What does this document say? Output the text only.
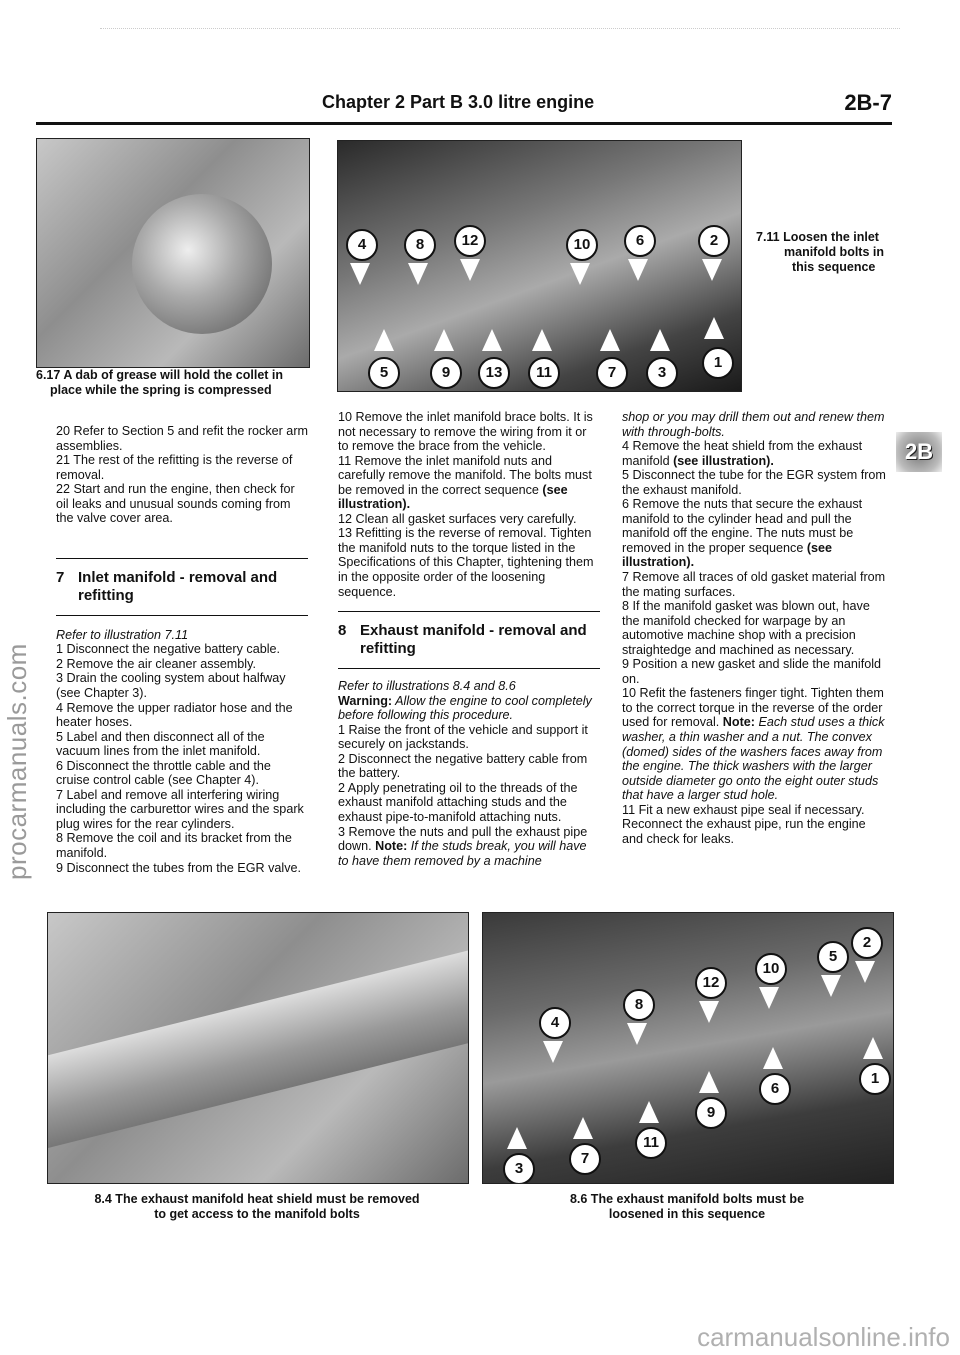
Chapter 2 Part B 3.0 litre engine	2B-7
6.17 A dab of grease will hold the collet in
place while the spring is compressed
4	8	12	10	6	2
5	9	13	11	7	3
1
7.11 Loosen the inlet
manifold bolts in
this sequence
2B
procarmanuals.com

20 Refer to Section 5 and refit the rocker arm assemblies.

21 The rest of the refitting is the reverse of removal.

22 Start and run the engine, then check for oil leaks and unusual sounds coming from the valve cover area.

7 Inlet manifold - removal and refitting

Refer to illustration 7.11

1 Disconnect the negative battery cable.

2 Remove the air cleaner assembly.

3 Drain the cooling system about halfway (see Chapter 3).

4 Remove the upper radiator hose and the heater hoses.

5 Label and then disconnect all of the vacuum lines from the inlet manifold.

6 Disconnect the throttle cable and the cruise control cable (see Chapter 4).

7 Label and remove all interfering wiring including the carburettor wires and the spark plug wires for the rear cylinders.

8 Remove the coil and its bracket from the manifold.

9 Disconnect the tubes from the EGR valve.

10 Remove the inlet manifold brace bolts. It is not necessary to remove the wiring from it or to remove the brace from the vehicle.

11 Remove the inlet manifold nuts and carefully remove the manifold. The bolts must be removed in the correct sequence (see illustration).

12 Clean all gasket surfaces very carefully.

13 Refitting is the reverse of removal. Tighten the manifold nuts to the torque listed in the Specifications of this Chapter, tightening them in the opposite order of the loosening sequence.

8 Exhaust manifold - removal and refitting

Refer to illustrations 8.4 and 8.6

Warning: Allow the engine to cool completely before following this procedure.

1 Raise the front of the vehicle and support it securely on jackstands.

2 Disconnect the negative battery cable from the battery.

2 Apply penetrating oil to the threads of the exhaust manifold attaching studs and the exhaust pipe-to-manifold attaching nuts.

3 Remove the nuts and pull the exhaust pipe down. Note: If the studs break, you will have to have them removed by a machine

shop or you may drill them out and renew them with through-bolts.

4 Remove the heat shield from the exhaust manifold (see illustration).

5 Disconnect the tube for the EGR system from the exhaust manifold.

6 Remove the nuts that secure the exhaust manifold to the cylinder head and pull the manifold off the engine. The nuts must be removed in the proper sequence (see illustration).

7 Remove all traces of old gasket material from the mating surfaces.

8 If the manifold gasket was blown out, have the manifold checked for warpage by an automotive machine shop with a precision straightedge and machined as necessary.

9 Position a new gasket and slide the manifold on.

10 Refit the fasteners finger tight. Tighten them to the correct torque in the reverse of the order used for removal. Note: Each stud uses a thick washer, a thin washer and a nut. The convex (domed) sides of the washers faces away from the engine. The thick washers with the larger outside diameter go onto the eight outer studs that have a larger stud hole.

11 Fit a new exhaust pipe seal if necessary. Reconnect the exhaust pipe, run the engine and check for leaks.

8.4 The exhaust manifold heat shield must be removed
to get access to the manifold bolts
5
2
10
12
8
4
1
6
9
11
7
3
8.6 The exhaust manifold bolts must be
loosened in this sequence
carmanualsonline.info
